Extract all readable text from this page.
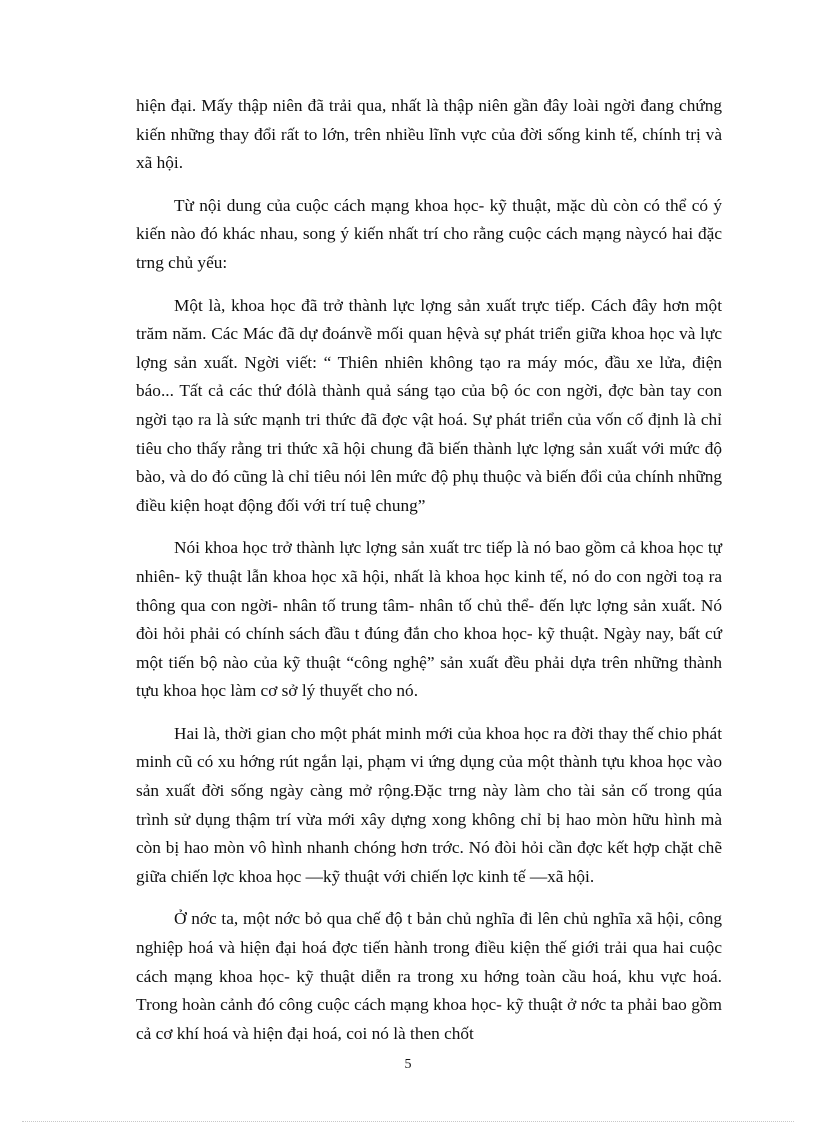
hiện đại. Mấy thập niên đã trải qua, nhất là thập niên gần đây loài ngời đang chứng kiến những thay đổi rất to lớn, trên nhiều lĩnh vực của đời sống kinh tế, chính trị và xã hội.

Từ nội dung của cuộc cách mạng khoa học- kỹ thuật, mặc dù còn có thể có ý kiến nào đó khác nhau, song ý kiến nhất trí cho rằng cuộc cách mạng nàycó hai đặc trng chủ yếu:

Một là, khoa học đã trở thành lực lợng sản xuất trực tiếp. Cách đây hơn một trăm năm. Các Mác đã dự đoánvề mối quan hệvà sự phát triển giữa khoa học và lực lợng sản xuất. Ngời viết: “ Thiên nhiên không tạo ra máy móc, đầu xe lửa, điện báo... Tất cả các thứ đólà thành quả sáng tạo của bộ óc con ngời, đợc bàn tay con ngời tạo ra là sức mạnh tri thức đã đợc vật hoá. Sự phát triển của vốn cố định là chỉ tiêu cho thấy rằng tri thức xã hội chung đã biến thành lực lợng sản xuất với mức độ bào, và do đó cũng là chỉ tiêu nói lên mức độ phụ thuộc và biến đổi của chính những điều kiện hoạt động đối với trí tuệ chung”

Nói khoa học trở thành lực lợng sản xuất trc tiếp là nó bao gồm cả khoa học tự nhiên- kỹ thuật lẫn khoa học xã hội, nhất là khoa học kinh tế, nó do con ngời toạ ra thông qua con ngời- nhân tố trung tâm- nhân tố chủ thể- đến lực lợng sản xuất. Nó đòi hỏi phải có chính sách đầu t đúng đắn cho khoa học- kỹ thuật. Ngày nay, bất cứ một tiến bộ nào của kỹ thuật “công nghệ” sản xuất đều phải dựa trên những thành tựu khoa học làm cơ sở lý thuyết cho nó.

Hai là, thời gian cho một phát minh mới của khoa học ra đời thay thế chio phát minh cũ có xu hớng rút ngắn lại, phạm vi ứng dụng của một thành tựu khoa học vào sản xuất đời sống ngày càng mở rộng.Đặc trng này làm cho tài sản cố trong qúa trình sử dụng thậm trí vừa mới xây dựng xong không chỉ bị hao mòn hữu hình mà còn bị hao mòn vô hình nhanh chóng hơn trớc. Nó đòi hỏi cần đợc kết hợp chặt chẽ giữa chiến lợc khoa học —kỹ thuật với chiến lợc kinh tế —xã hội.

Ở nớc ta, một nớc bỏ qua chế độ t bản chủ nghĩa đi lên chủ nghĩa xã hội, công nghiệp hoá và hiện đại hoá đợc tiến hành trong điều kiện thế giới trải qua hai cuộc cách mạng khoa học- kỹ thuật diễn ra trong xu hớng toàn cầu hoá, khu vực hoá. Trong hoàn cảnh đó công cuộc cách mạng khoa học- kỹ thuật ở nớc ta phải bao gồm cả cơ khí hoá và hiện đại hoá, coi nó là then chốt

5
